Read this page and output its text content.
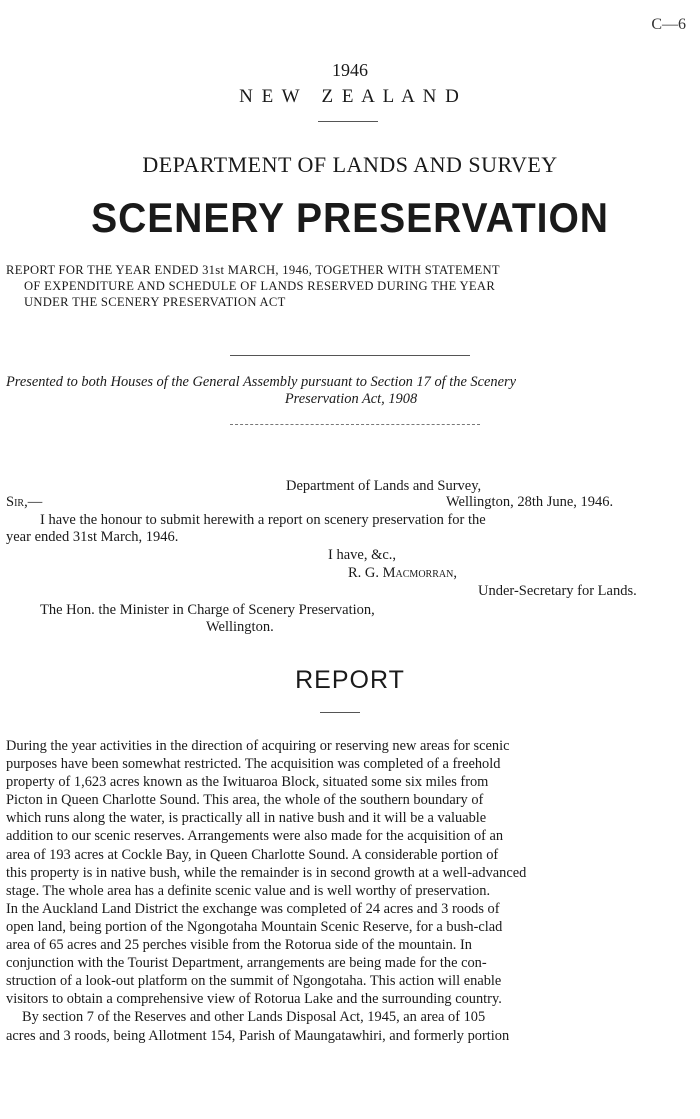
C—6
1946
N E W   Z E A L A N D
DEPARTMENT OF LANDS AND SURVEY
SCENERY PRESERVATION

REPORT FOR THE YEAR ENDED 31st MARCH, 1946, TOGETHER WITH STATEMENT

OF EXPENDITURE AND SCHEDULE OF LANDS RESERVED DURING THE YEAR

UNDER THE SCENERY PRESERVATION ACT

Presented to both Houses of the General Assembly pursuant to Section 17 of the Scenery

Preservation Act, 1908

Department of Lands and Survey,
Sir,—	Wellington, 28th June, 1946.
I have the honour to submit herewith a report on scenery preservation for the
year ended 31st March, 1946.
I have, &c.,
R. G. Macmorran,
Under-Secretary for Lands.
The Hon. the Minister in Charge of Scenery Preservation,
Wellington.
REPORT

During the year activities in the direction of acquiring or reserving new areas for scenic

purposes have been somewhat restricted. The acquisition was completed of a freehold

property of 1,623 acres known as the Iwituaroa Block, situated some six miles from

Picton in Queen Charlotte Sound. This area, the whole of the southern boundary of

which runs along the water, is practically all in native bush and it will be a valuable

addition to our scenic reserves. Arrangements were also made for the acquisition of an

area of 193 acres at Cockle Bay, in Queen Charlotte Sound. A considerable portion of

this property is in native bush, while the remainder is in second growth at a well-advanced

stage. The whole area has a definite scenic value and is well worthy of preservation.

In the Auckland Land District the exchange was completed of 24 acres and 3 roods of

open land, being portion of the Ngongotaha Mountain Scenic Reserve, for a bush-clad

area of 65 acres and 25 perches visible from the Rotorua side of the mountain. In

conjunction with the Tourist Department, arrangements are being made for the con-

struction of a look-out platform on the summit of Ngongotaha. This action will enable

visitors to obtain a comprehensive view of Rotorua Lake and the surrounding country.

By section 7 of the Reserves and other Lands Disposal Act, 1945, an area of 105

acres and 3 roods, being Allotment 154, Parish of Maungatawhiri, and formerly portion
